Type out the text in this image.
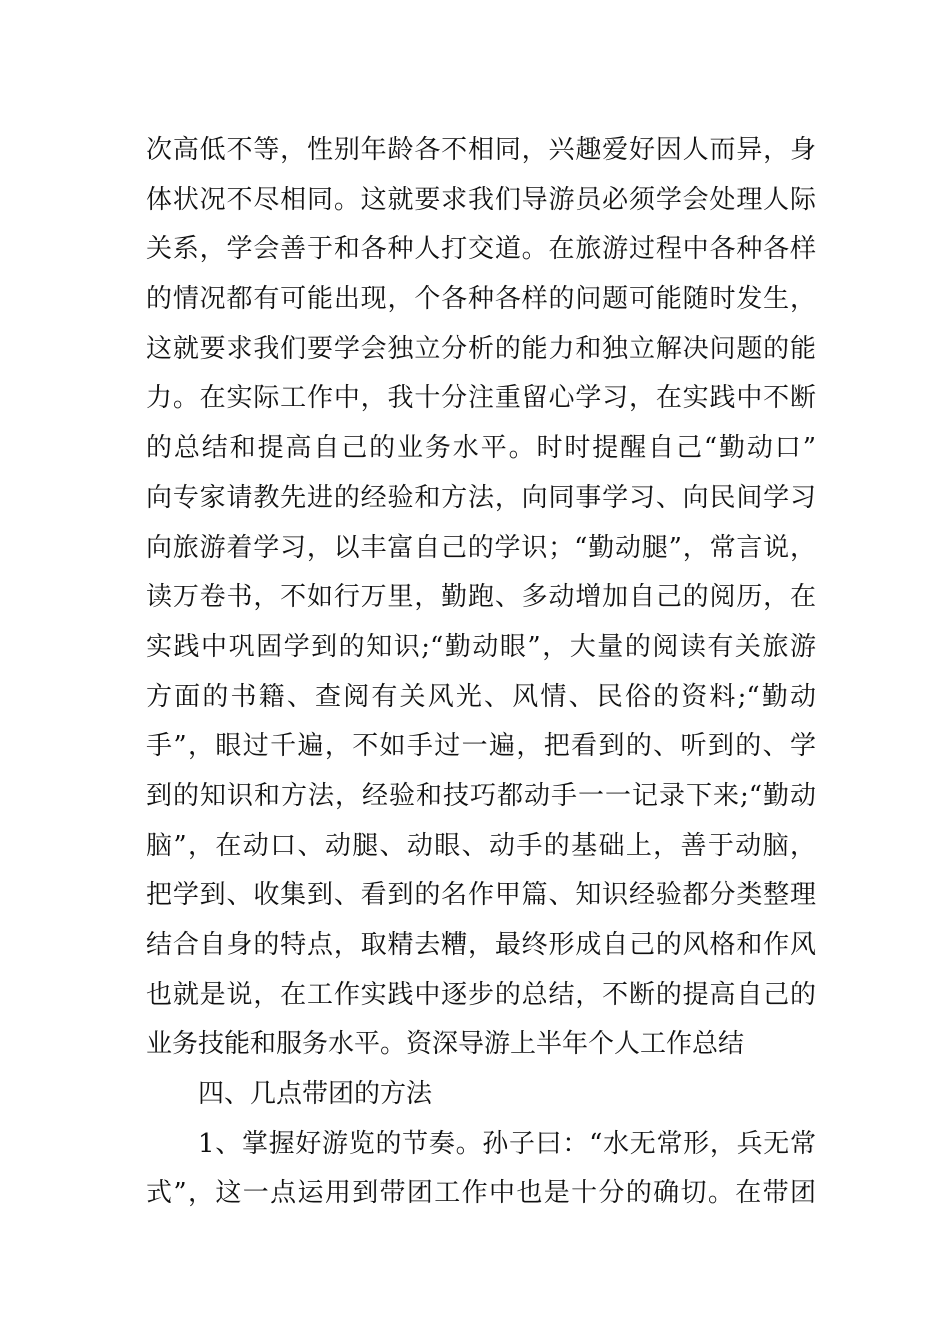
次高低不等，性别年龄各不相同，兴趣爱好因人而异，身
体状况不尽相同。这就要求我们导游员必须学会处理人际
关系，学会善于和各种人打交道。在旅游过程中各种各样
的情况都有可能出现，个各种各样的问题可能随时发生，
这就要求我们要学会独立分析的能力和独立解决问题的能
力。在实际工作中，我十分注重留心学习，在实践中不断
的总结和提高自己的业务水平。时时提醒自己“勤动口”
向专家请教先进的经验和方法，向同事学习、向民间学习
向旅游着学习，以丰富自己的学识；“勤动腿”，常言说，
读万卷书，不如行万里，勤跑、多动增加自己的阅历，在
实践中巩固学到的知识;“勤动眼”，大量的阅读有关旅游
方面的书籍、查阅有关风光、风情、民俗的资料;“勤动
手”，眼过千遍，不如手过一遍，把看到的、听到的、学
到的知识和方法，经验和技巧都动手一一记录下来;“勤动
脑”，在动口、动腿、动眼、动手的基础上，善于动脑，
把学到、收集到、看到的名作甲篇、知识经验都分类整理
结合自身的特点，取精去糟，最终形成自己的风格和作风
也就是说，在工作实践中逐步的总结，不断的提高自己的
业务技能和服务水平。资深导游上半年个人工作总结
四、几点带团的方法
1、掌握好游览的节奏。孙子曰：“水无常形，兵无常
式”，这一点运用到带团工作中也是十分的确切。在带团
